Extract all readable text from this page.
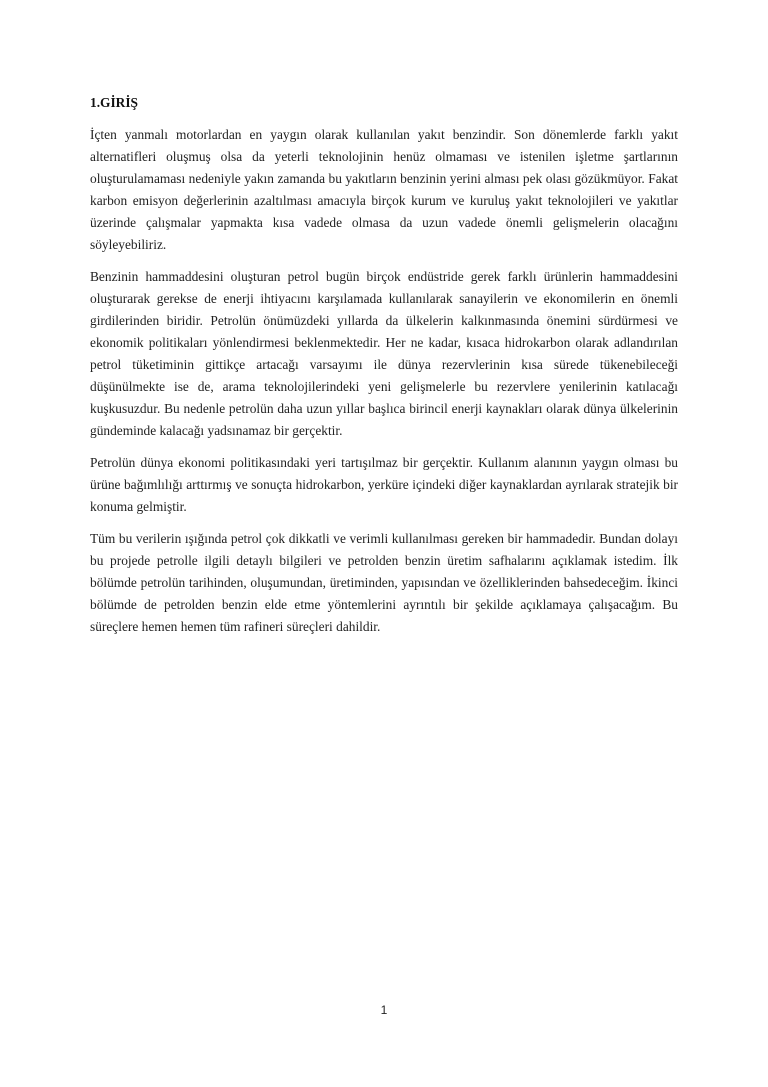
1.GİRİŞ

İçten yanmalı motorlardan en yaygın olarak kullanılan yakıt benzindir. Son dönemlerde farklı yakıt alternatifleri oluşmuş olsa da yeterli teknolojinin henüz olmaması ve istenilen işletme şartlarının oluşturulamaması nedeniyle yakın zamanda bu yakıtların benzinin yerini alması pek olası gözükmüyor. Fakat karbon emisyon değerlerinin azaltılması amacıyla birçok kurum ve kuruluş yakıt teknolojileri ve yakıtlar üzerinde çalışmalar yapmakta kısa vadede olmasa da uzun vadede önemli gelişmelerin olacağını söyleyebiliriz.

Benzinin hammaddesini oluşturan petrol bugün birçok endüstride gerek farklı ürünlerin hammaddesini oluşturarak gerekse de enerji ihtiyacını karşılamada kullanılarak sanayilerin ve ekonomilerin en önemli girdilerinden biridir. Petrolün önümüzdeki yıllarda da ülkelerin kalkınmasında önemini sürdürmesi ve ekonomik politikaları yönlendirmesi beklenmektedir. Her ne kadar, kısaca hidrokarbon olarak adlandırılan petrol tüketiminin gittikçe artacağı varsayımı ile dünya rezervlerinin kısa sürede tükenebileceği düşünülmekte ise de, arama teknolojilerindeki yeni gelişmelerle bu rezervlere yenilerinin katılacağı kuşkusuzdur. Bu nedenle petrolün daha uzun yıllar başlıca birincil enerji kaynakları olarak dünya ülkelerinin gündeminde kalacağı yadsınamaz bir gerçektir.

Petrolün dünya ekonomi politikasındaki yeri tartışılmaz bir gerçektir. Kullanım alanının yaygın olması bu ürüne bağımlılığı arttırmış ve sonuçta hidrokarbon, yerküre içindeki diğer kaynaklardan ayrılarak stratejik bir konuma gelmiştir.

Tüm bu verilerin ışığında petrol çok dikkatli ve verimli kullanılması gereken bir hammadedir. Bundan dolayı bu projede petrolle ilgili detaylı bilgileri ve petrolden benzin üretim safhalarını açıklamak istedim. İlk bölümde petrolün tarihinden, oluşumundan, üretiminden, yapısından ve özelliklerinden bahsedeceğim. İkinci bölümde de petrolden benzin elde etme yöntemlerini ayrıntılı bir şekilde açıklamaya çalışacağım. Bu süreçlere hemen hemen tüm rafineri süreçleri dahildir.

1
